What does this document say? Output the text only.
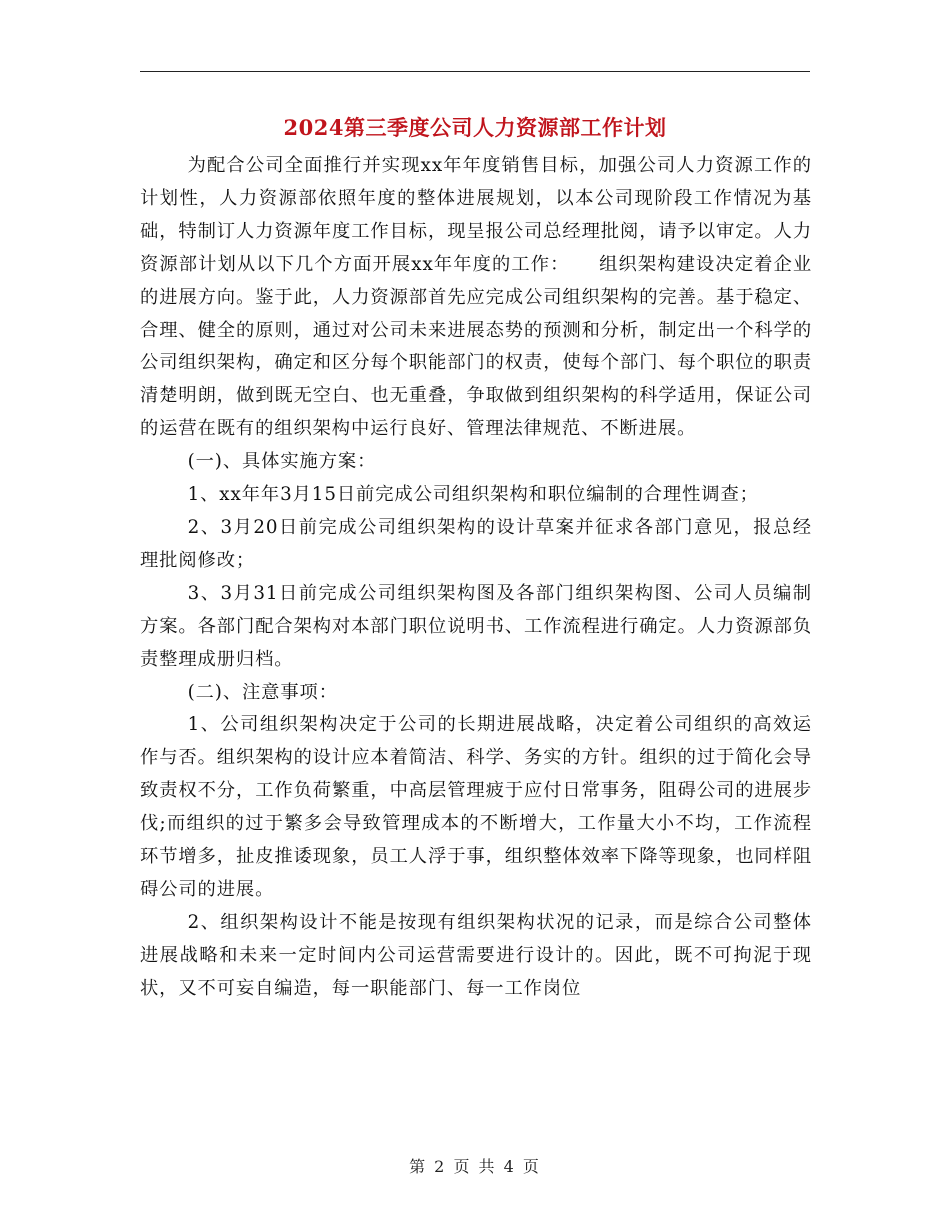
2024第三季度公司人力资源部工作计划

为配合公司全面推行并实现xx年年度销售目标，加强公司人力资源工作的计划性，人力资源部依照年度的整体进展规划，以本公司现阶段工作情况为基础，特制订人力资源年度工作目标，现呈报公司总经理批阅，请予以审定。人力资源部计划从以下几个方面开展xx年年度的工作：　　组织架构建设决定着企业的进展方向。鉴于此，人力资源部首先应完成公司组织架构的完善。基于稳定、合理、健全的原则，通过对公司未来进展态势的预测和分析，制定出一个科学的公司组织架构，确定和区分每个职能部门的权责，使每个部门、每个职位的职责清楚明朗，做到既无空白、也无重叠，争取做到组织架构的科学适用，保证公司的运营在既有的组织架构中运行良好、管理法律规范、不断进展。

(一)、具体实施方案：

1、xx年年3月15日前完成公司组织架构和职位编制的合理性调查；

2、3月20日前完成公司组织架构的设计草案并征求各部门意见，报总经理批阅修改；

3、3月31日前完成公司组织架构图及各部门组织架构图、公司人员编制方案。各部门配合架构对本部门职位说明书、工作流程进行确定。人力资源部负责整理成册归档。

(二)、注意事项：

1、公司组织架构决定于公司的长期进展战略，决定着公司组织的高效运作与否。组织架构的设计应本着简洁、科学、务实的方针。组织的过于简化会导致责权不分，工作负荷繁重，中高层管理疲于应付日常事务，阻碍公司的进展步伐;而组织的过于繁多会导致管理成本的不断增大，工作量大小不均，工作流程环节增多，扯皮推诿现象，员工人浮于事，组织整体效率下降等现象，也同样阻碍公司的进展。

2、组织架构设计不能是按现有组织架构状况的记录，而是综合公司整体进展战略和未来一定时间内公司运营需要进行设计的。因此，既不可拘泥于现状，又不可妄自编造，每一职能部门、每一工作岗位

第 2 页 共 4 页
